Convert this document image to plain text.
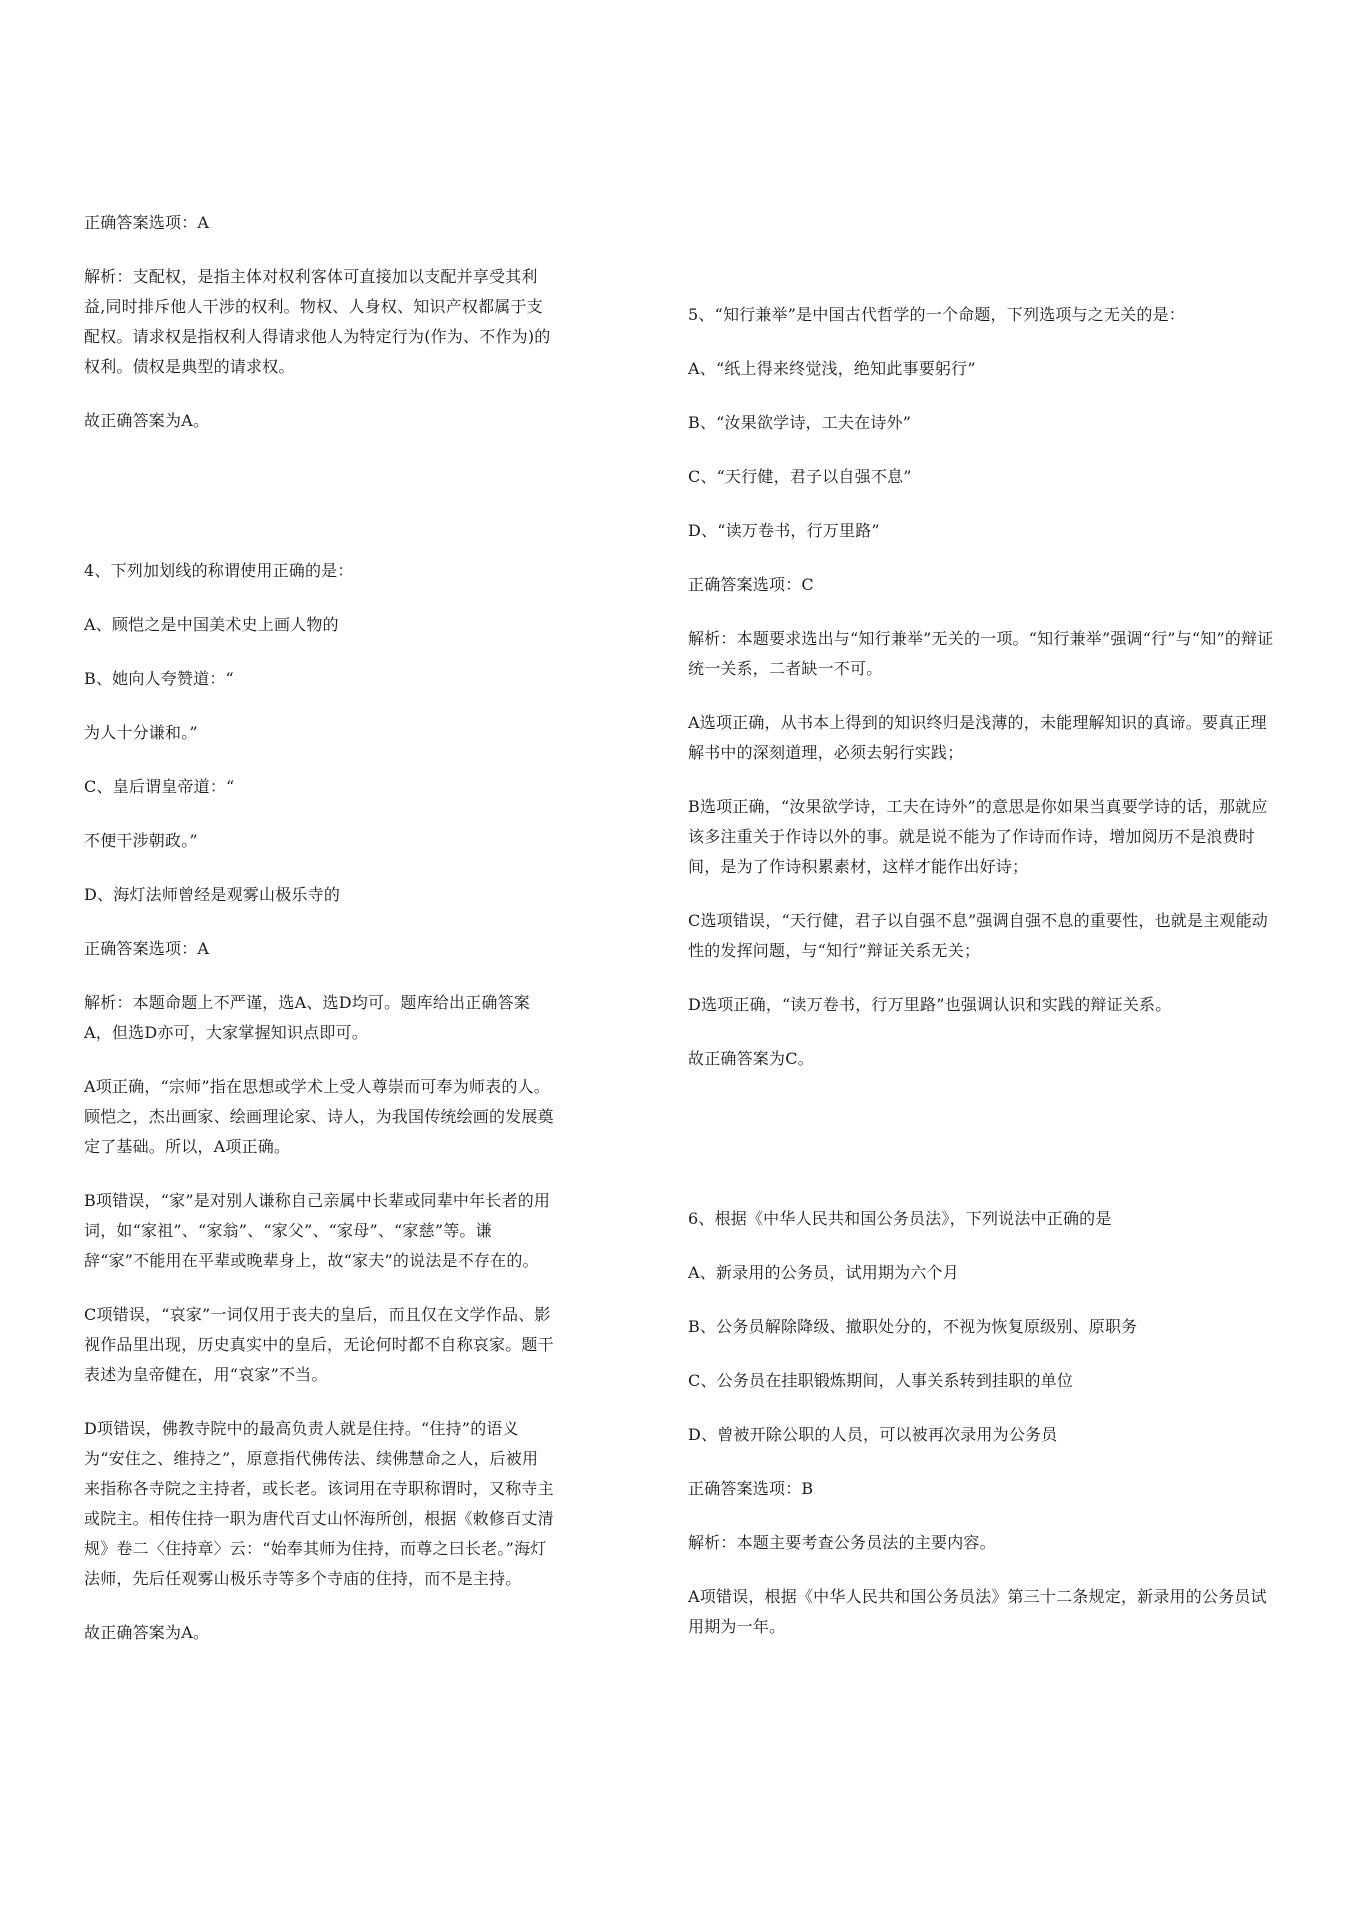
正确答案选项：A

解析：支配权，是指主体对权利客体可直接加以支配并享受其利益,同时排斥他人干涉的权利。物权、人身权、知识产权都属于支配权。请求权是指权利人得请求他人为特定行为(作为、不作为)的权利。债权是典型的请求权。

故正确答案为A。

4、下列加划线的称谓使用正确的是：

A、顾恺之是中国美术史上画人物的

B、她向人夸赞道：“

为人十分谦和。”

C、皇后谓皇帝道：“

不便干涉朝政。”

D、海灯法师曾经是观雾山极乐寺的

正确答案选项：A

解析：本题命题上不严谨，选A、选D均可。题库给出正确答案A，但选D亦可，大家掌握知识点即可。

A项正确，“宗师”指在思想或学术上受人尊崇而可奉为师表的人。顾恺之，杰出画家、绘画理论家、诗人，为我国传统绘画的发展奠定了基础。所以，A项正确。

B项错误，“家”是对别人谦称自己亲属中长辈或同辈中年长者的用词，如“家祖”、“家翁”、“家父”、“家母”、“家慈”等。谦辞“家”不能用在平辈或晚辈身上，故“家夫”的说法是不存在的。

C项错误，“哀家”一词仅用于丧夫的皇后，而且仅在文学作品、影视作品里出现，历史真实中的皇后，无论何时都不自称哀家。题干表述为皇帝健在，用“哀家”不当。

D项错误，佛教寺院中的最高负责人就是住持。“住持”的语义为“安住之、维持之”，原意指代佛传法、续佛慧命之人，后被用来指称各寺院之主持者，或长老。该词用在寺职称谓时，又称寺主或院主。相传住持一职为唐代百丈山怀海所创，根据《敕修百丈清规》卷二〈住持章〉云：“始奉其师为住持，而尊之曰长老。”海灯法师，先后任观雾山极乐寺等多个寺庙的住持，而不是主持。

故正确答案为A。

5、“知行兼举”是中国古代哲学的一个命题，下列选项与之无关的是：

A、“纸上得来终觉浅，绝知此事要躬行”

B、“汝果欲学诗，工夫在诗外”

C、“天行健，君子以自强不息”

D、“读万卷书，行万里路”

正确答案选项：C

解析：本题要求选出与“知行兼举”无关的一项。“知行兼举”强调“行”与“知”的辩证统一关系，二者缺一不可。

A选项正确，从书本上得到的知识终归是浅薄的，未能理解知识的真谛。要真正理解书中的深刻道理，必须去躬行实践；

B选项正确，“汝果欲学诗，工夫在诗外”的意思是你如果当真要学诗的话，那就应该多注重关于作诗以外的事。就是说不能为了作诗而作诗，增加阅历不是浪费时间，是为了作诗积累素材，这样才能作出好诗；

C选项错误，“天行健，君子以自强不息”强调自强不息的重要性，也就是主观能动性的发挥问题，与“知行”辩证关系无关；

D选项正确，“读万卷书，行万里路”也强调认识和实践的辩证关系。

故正确答案为C。

6、根据《中华人民共和国公务员法》，下列说法中正确的是

A、新录用的公务员，试用期为六个月

B、公务员解除降级、撤职处分的，不视为恢复原级别、原职务

C、公务员在挂职锻炼期间，人事关系转到挂职的单位

D、曾被开除公职的人员，可以被再次录用为公务员

正确答案选项：B

解析：本题主要考查公务员法的主要内容。

A项错误，根据《中华人民共和国公务员法》第三十二条规定，新录用的公务员试用期为一年。
